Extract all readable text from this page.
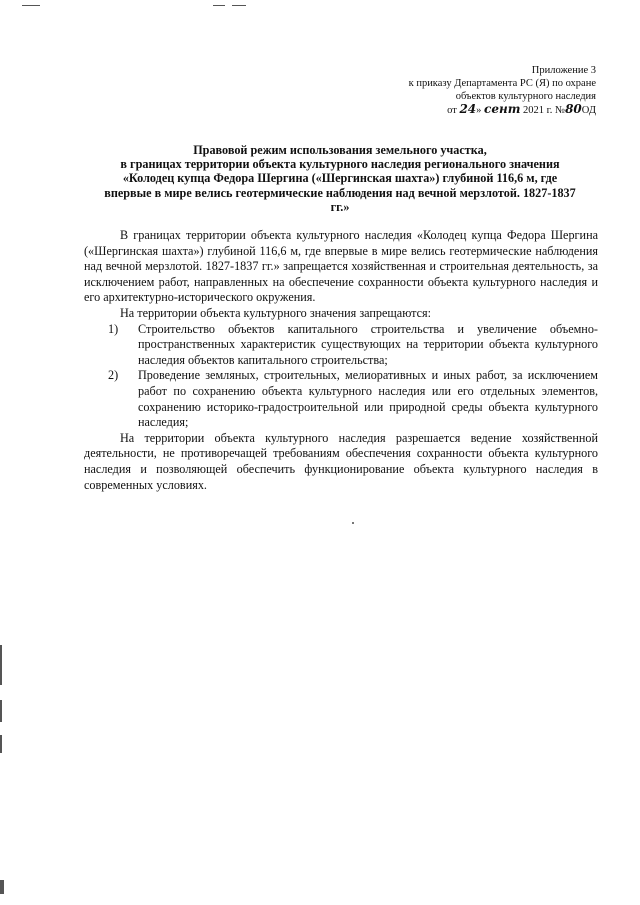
Приложение 3
к приказу Департамента РС (Я) по охране
объектов культурного наследия
от 24» сент 2021 г. №80ОД
Правовой режим использования земельного участка,
в границах территории объекта культурного наследия регионального значения
«Колодец купца Федора Шергина («Шергинская шахта») глубиной 116,6 м, где
впервые в мире велись геотермические наблюдения над вечной мерзлотой. 1827-1837
гг.»

В границах территории объекта культурного наследия «Колодец купца Федора Шергина («Шергинская шахта») глубиной 116,6 м, где впервые в мире велись геотермические наблюдения над вечной мерзлотой. 1827-1837 гг.» запрещается хозяйственная и строительная деятельность, за исключением работ, направленных на обеспечение сохранности объекта культурного наследия и его архитектурно-исторического окружения.

На территории объекта культурного значения запрещаются:

1) Строительство объектов капитального строительства и увеличение объемно-пространственных характеристик существующих на территории объекта культурного наследия объектов капитального строительства;
2) Проведение земляных, строительных, мелиоративных и иных работ, за исключением работ по сохранению объекта культурного наследия или его отдельных элементов, сохранению историко-градостроительной или природной среды объекта культурного наследия;

На территории объекта культурного наследия разрешается ведение хозяйственной деятельности, не противоречащей требованиям обеспечения сохранности объекта культурного наследия и позволяющей обеспечить функционирование объекта культурного наследия в современных условиях.
